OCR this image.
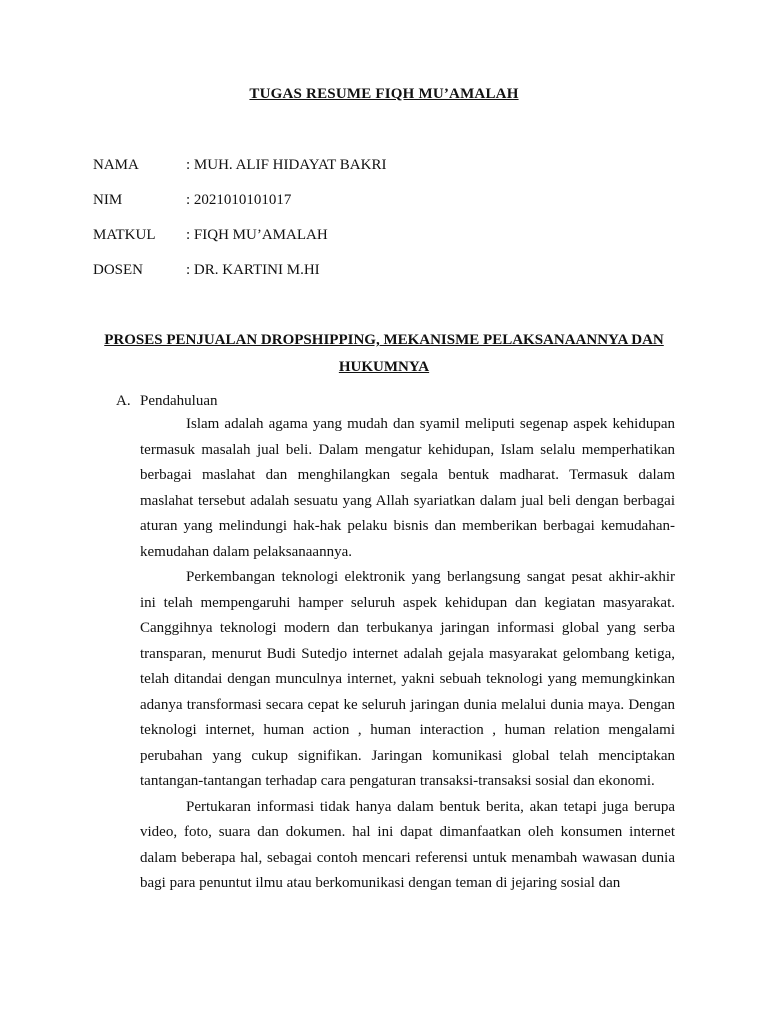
TUGAS RESUME FIQH MU’AMALAH
NAMA	: MUH. ALIF HIDAYAT BAKRI
NIM	: 2021010101017
MATKUL	: FIQH MU’AMALAH
DOSEN	: DR. KARTINI M.HI
PROSES PENJUALAN DROPSHIPPING, MEKANISME PELAKSANAANNYA DAN
HUKUMNYA
A. Pendahuluan

Islam adalah agama yang mudah dan syamil meliputi segenap aspek kehidupan termasuk masalah jual beli. Dalam mengatur kehidupan, Islam selalu memperhatikan berbagai maslahat dan menghilangkan segala bentuk madharat. Termasuk dalam maslahat tersebut adalah sesuatu yang Allah syariatkan dalam jual beli dengan berbagai aturan yang melindungi hak-hak pelaku bisnis dan memberikan berbagai kemudahan-kemudahan dalam pelaksanaannya.

Perkembangan teknologi elektronik yang berlangsung sangat pesat akhir-akhir ini telah mempengaruhi hamper seluruh aspek kehidupan dan kegiatan masyarakat. Canggihnya teknologi modern dan terbukanya jaringan informasi global yang serba transparan, menurut Budi Sutedjo internet adalah gejala masyarakat gelombang ketiga, telah ditandai dengan munculnya internet, yakni sebuah teknologi yang memungkinkan adanya transformasi secara cepat ke seluruh jaringan dunia melalui dunia maya. Dengan teknologi internet, human action , human interaction , human relation mengalami perubahan yang cukup signifikan. Jaringan komunikasi global telah menciptakan tantangan-tantangan terhadap cara pengaturan transaksi-transaksi sosial dan ekonomi.

Pertukaran informasi tidak hanya dalam bentuk berita, akan tetapi juga berupa video, foto, suara dan dokumen. hal ini dapat dimanfaatkan oleh konsumen internet dalam beberapa hal, sebagai contoh mencari referensi untuk menambah wawasan dunia bagi para penuntut ilmu atau berkomunikasi dengan teman di jejaring sosial dan
